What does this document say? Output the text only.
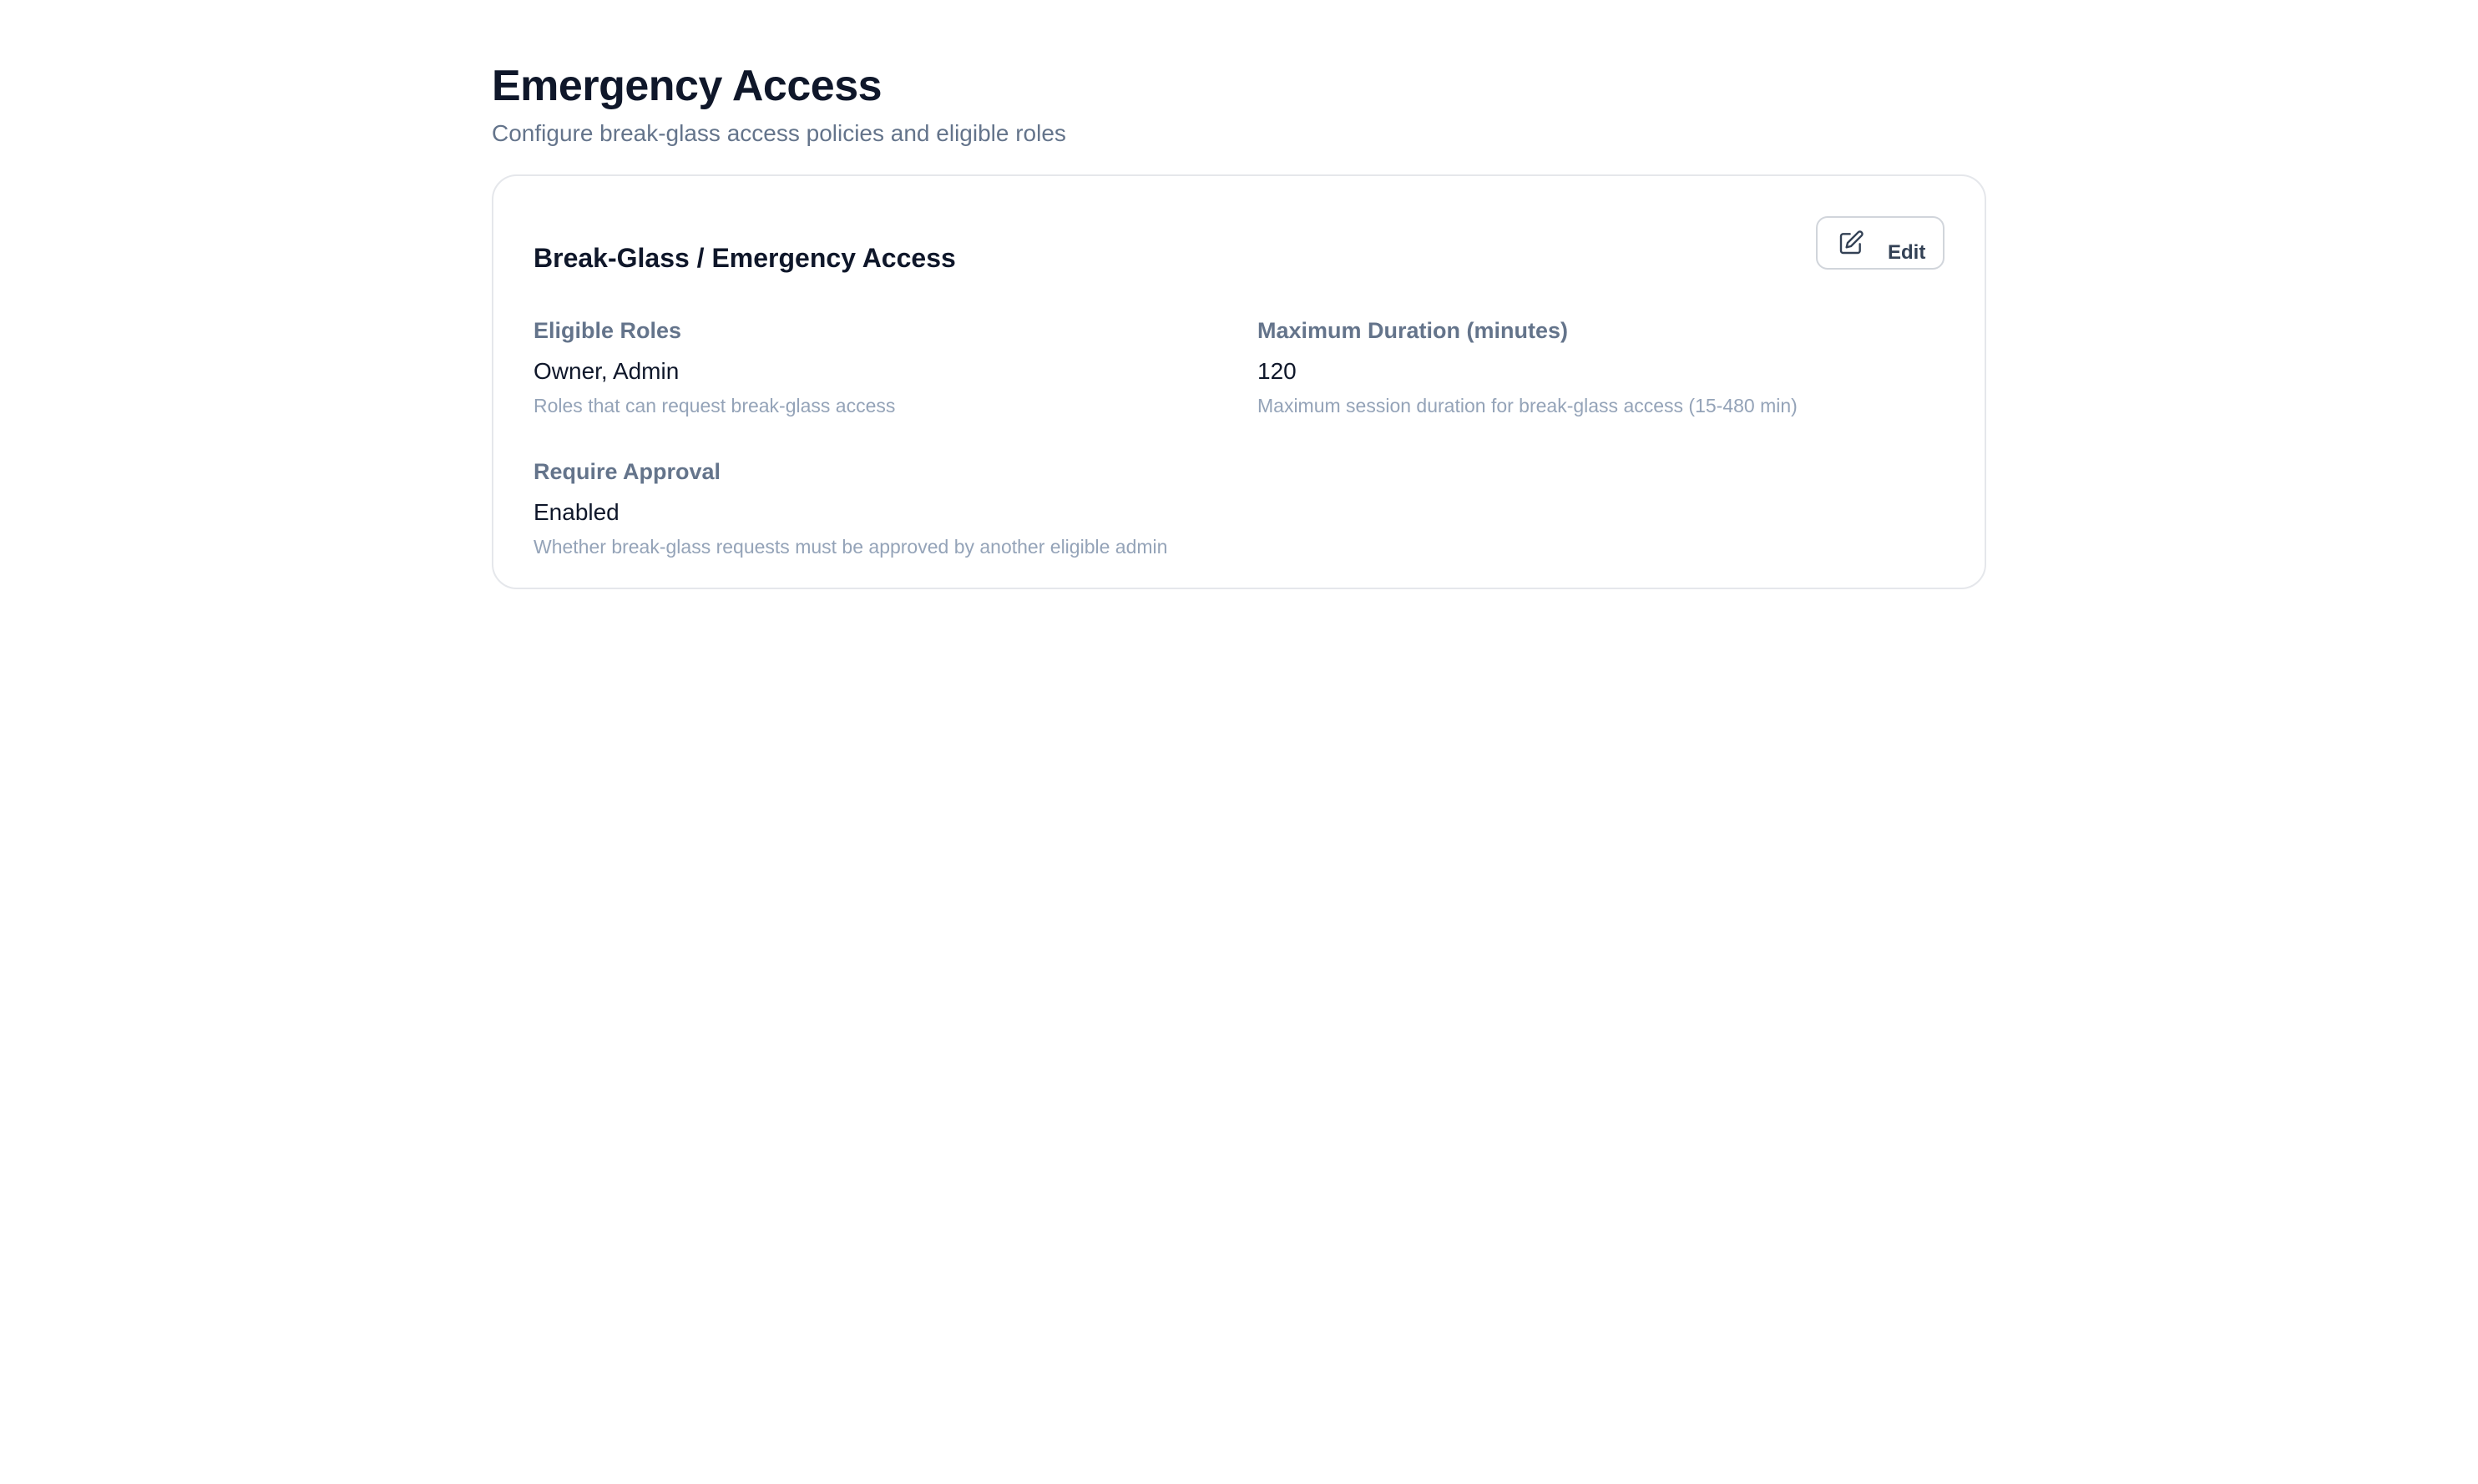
Emergency Access

Configure break-glass access policies and eligible roles

Break-Glass / Emergency Access	Edit
Eligible Roles
Owner, Admin
Roles that can request break-glass access
Maximum Duration (minutes)
120
Maximum session duration for break-glass access (15-480 min)
Require Approval
Enabled
Whether break-glass requests must be approved by another eligible admin
